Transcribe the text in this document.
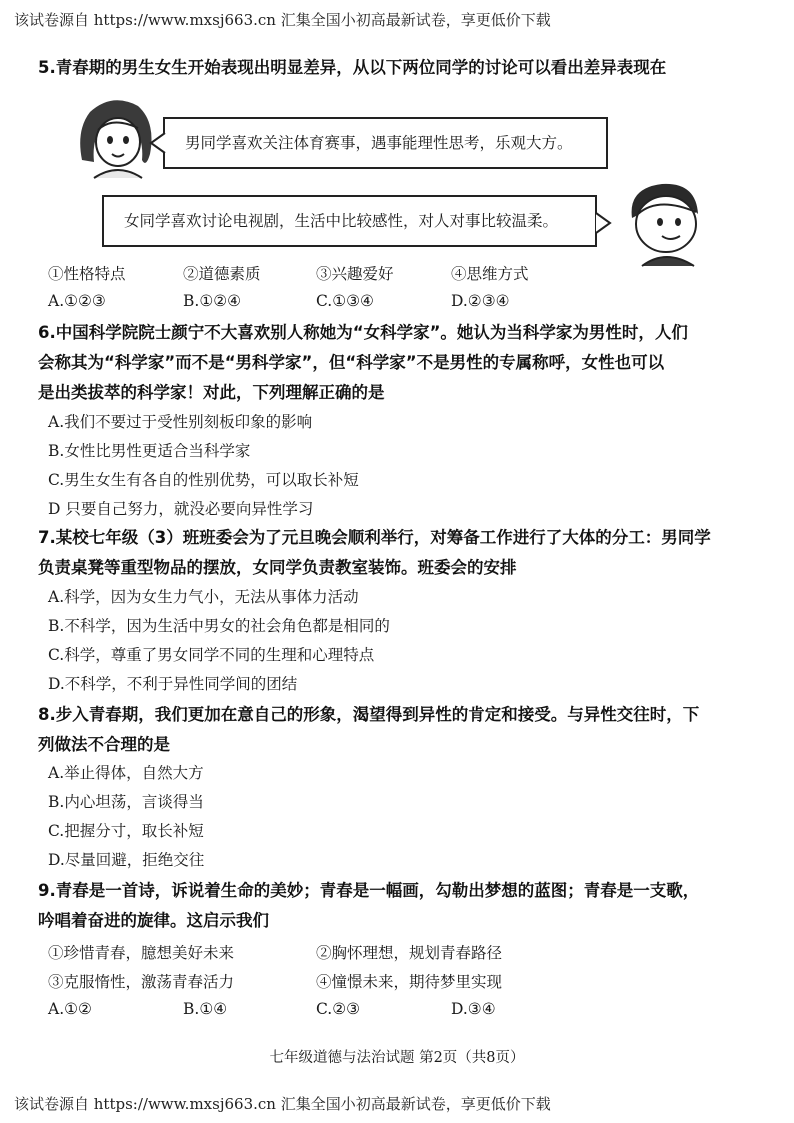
该试卷源自 https://www.mxsj663.cn 汇集全国小初高最新试卷，享更低价下载
5.青春期的男生女生开始表现出明显差异，从以下两位同学的讨论可以看出差异表现在
男同学喜欢关注体育赛事，遇事能理性思考，乐观大方。
女同学喜欢讨论电视剧，生活中比较感性，对人对事比较温柔。
①性格特点	②道德素质	③兴趣爱好	④思维方式
A.①②③	B.①②④	C.①③④	D.②③④
6.中国科学院院士颜宁不大喜欢别人称她为“女科学家”。她认为当科学家为男性时，人们
会称其为“科学家”而不是“男科学家”，但“科学家”不是男性的专属称呼，女性也可以
是出类拔萃的科学家！对此，下列理解正确的是
A.我们不要过于受性别刻板印象的影响
B.女性比男性更适合当科学家
C.男生女生有各自的性别优势，可以取长补短
D 只要自己努力，就没必要向异性学习
7.某校七年级（3）班班委会为了元旦晚会顺利举行，对筹备工作进行了大体的分工：男同学
负责桌凳等重型物品的摆放，女同学负责教室装饰。班委会的安排
A.科学，因为女生力气小，无法从事体力活动
B.不科学，因为生活中男女的社会角色都是相同的
C.科学，尊重了男女同学不同的生理和心理特点
D.不科学，不利于异性同学间的团结
8.步入青春期，我们更加在意自己的形象，渴望得到异性的肯定和接受。与异性交往时，下
列做法不合理的是
A.举止得体，自然大方
B.内心坦荡，言谈得当
C.把握分寸，取长补短
D.尽量回避，拒绝交往
9.青春是一首诗，诉说着生命的美妙；青春是一幅画，勾勒出梦想的蓝图；青春是一支歌，
吟唱着奋进的旋律。这启示我们
①珍惜青春，臆想美好未来	②胸怀理想，规划青春路径
③克服惰性，激荡青春活力	④憧憬未来，期待梦里实现
A.①②	B.①④	C.②③	D.③④
七年级道德与法治试题 第2页（共8页）
该试卷源自 https://www.mxsj663.cn 汇集全国小初高最新试卷，享更低价下载
